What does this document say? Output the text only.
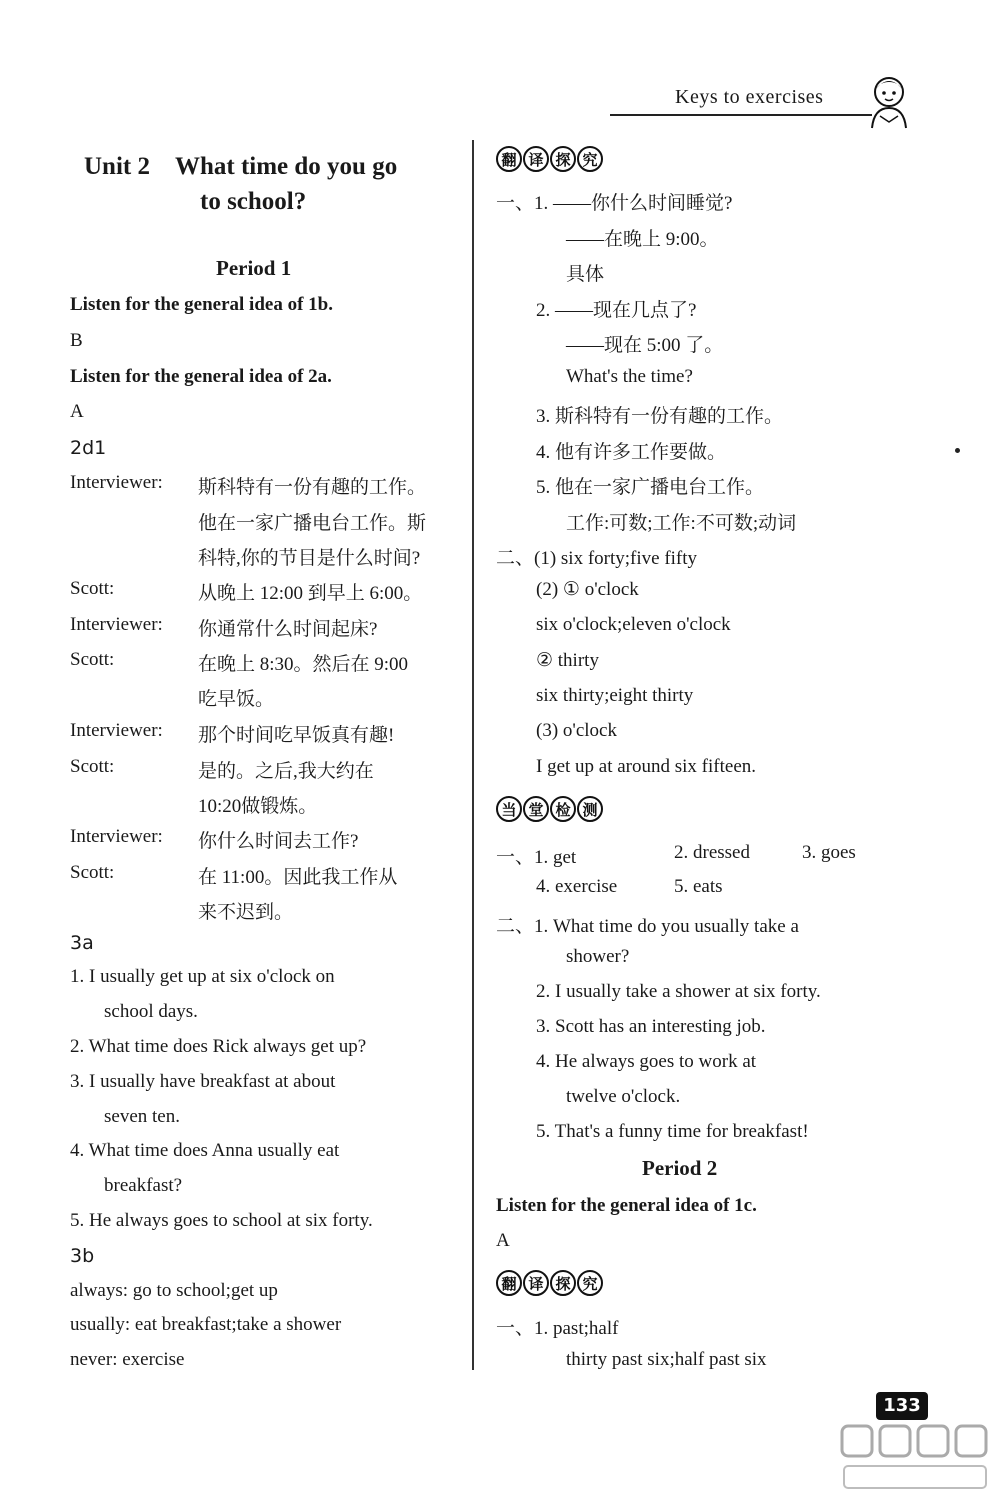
Keys to exercises
Unit 2　What time do you go
to school?
Period 1
Listen for the general idea of 1b.
B
Listen for the general idea of 2a.
A
2d1
Interviewer: 斯科特有一份有趣的工作。
他在一家广播电台工作。斯
科特,你的节目是什么时间?
Scott:	从晚上 12:00 到早上 6:00。
Interviewer: 你通常什么时间起床?
Scott:	在晚上 8:30。然后在 9:00
吃早饭。
Interviewer: 那个时间吃早饭真有趣!
Scott:	是的。之后,我大约在
10:20做锻炼。
Interviewer: 你什么时间去工作?
Scott:	在 11:00。因此我工作从
来不迟到。
3a
1. I usually get up at six o'clock on
school days.
2. What time does Rick always get up?
3. I usually have breakfast at about
seven ten.
4. What time does Anna usually eat
breakfast?
5. He always goes to school at six forty.
3b
always: go to school;get up
usually: eat breakfast;take a shower
never: exercise
翻 译 探 究
一、1. ——你什么时间睡觉?
——在晚上 9:00。
具体
2. ——现在几点了?
——现在 5:00 了。
What's the time?
3. 斯科特有一份有趣的工作。
4. 他有许多工作要做。
5. 他在一家广播电台工作。
工作:可数;工作:不可数;动词
二、(1) six forty;five fifty
(2) ① o'clock
six o'clock;eleven o'clock
② thirty
six thirty;eight thirty
(3) o'clock
I get up at around six fifteen.
当 堂 检 测
一、1. get	2. dressed	3. goes
4. exercise	5. eats
二、1. What time do you usually take a
shower?
2. I usually take a shower at six forty.
3. Scott has an interesting job.
4. He always goes to work at
twelve o'clock.
5. That's a funny time for breakfast!
Period 2
Listen for the general idea of 1c.
A
翻 译 探 究
一、1. past;half
thirty past six;half past six
133
